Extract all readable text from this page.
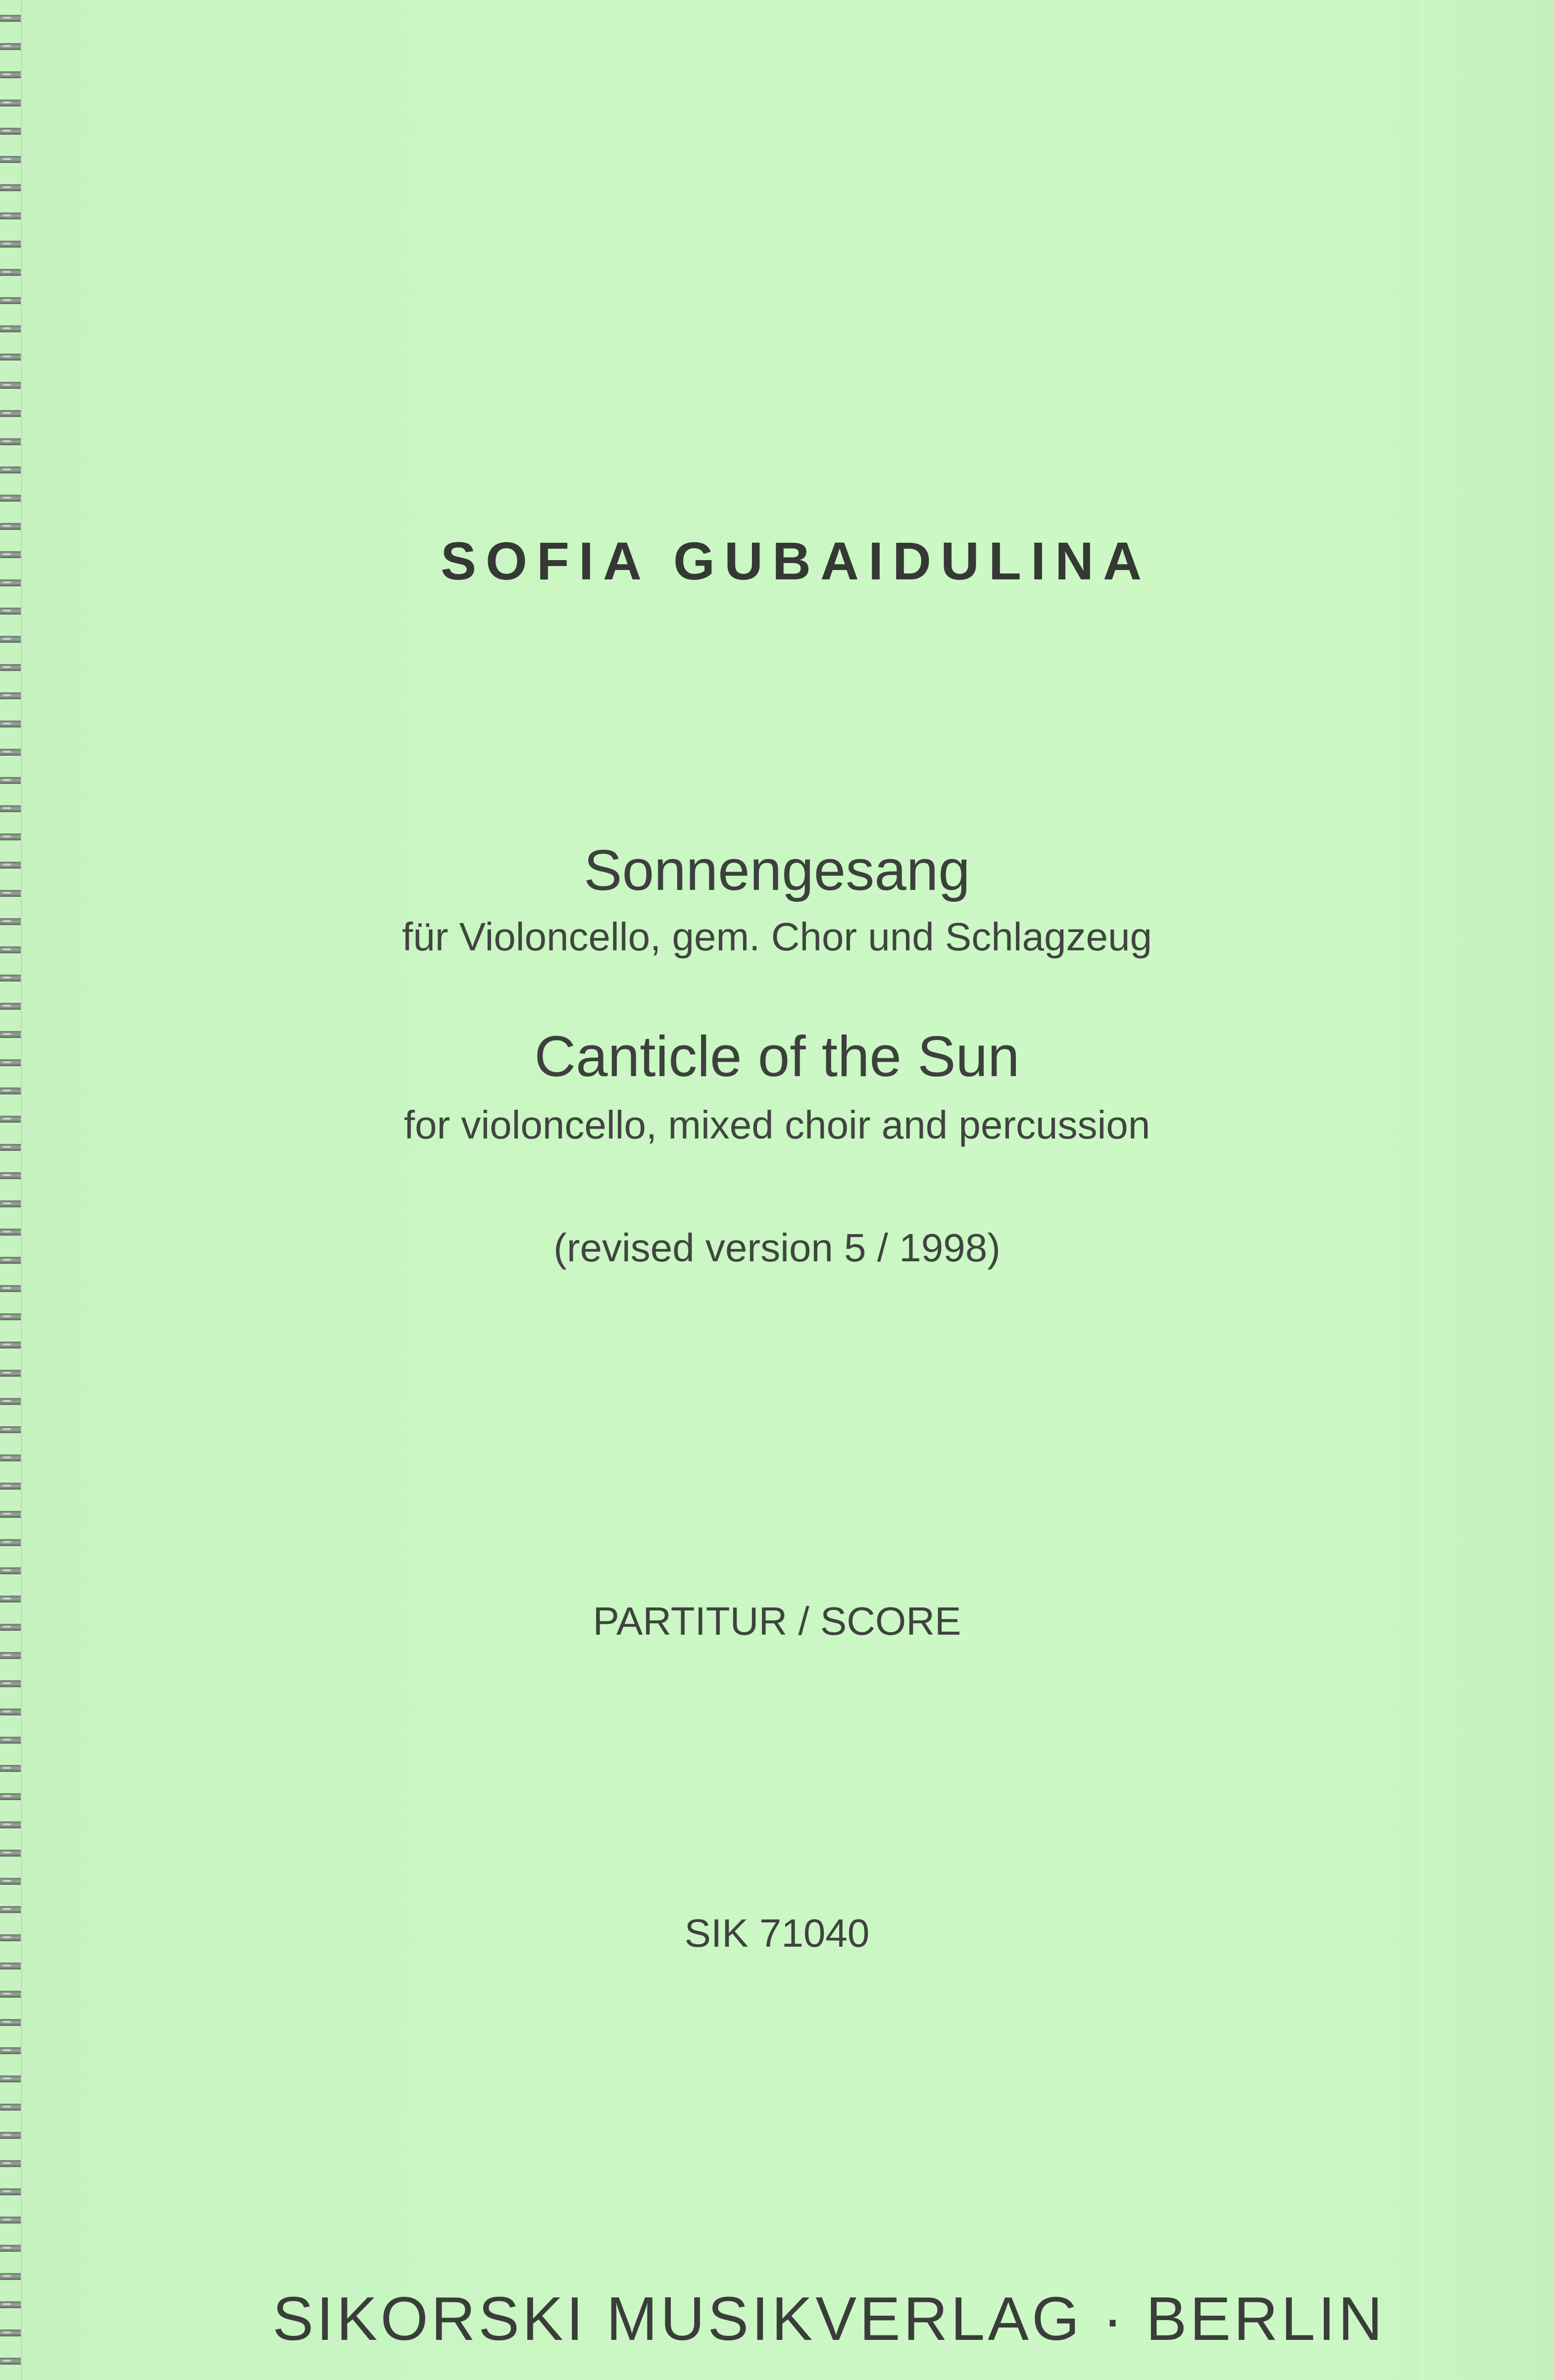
SOFIA GUBAIDULINA
Sonnengesang
für Violoncello, gem. Chor und Schlagzeug
Canticle of the Sun
for violoncello, mixed choir and percussion
(revised version 5 / 1998)
PARTITUR / SCORE
SIK 71040
SIKORSKI MUSIKVERLAG · BERLIN
